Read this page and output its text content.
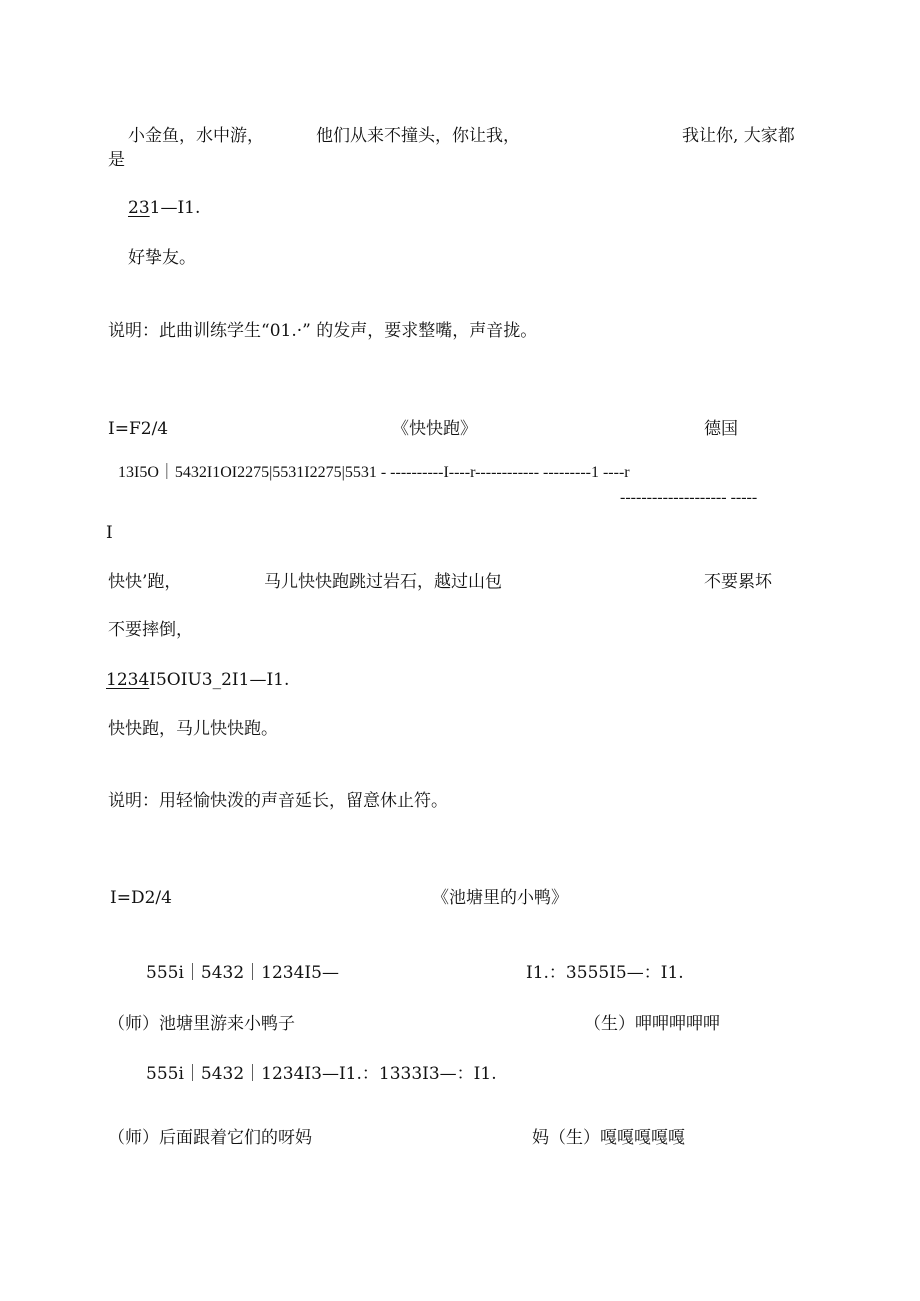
小金鱼，水中游，	他们从来不撞头，你让我，	我让你, 大家都
是
231—I1.
好挚友。
说明：此曲训练学生“01.·” 的发声，要求整嘴，声音拢。
I=F2/4	《快快跑》	德国
13I5O｜5432I1OI2275|5531I2275|5531 - ----------I----r------------ ---------1 ----r
-------------------- -----
I
快快’跑，	马儿快快跑跳过岩石，越过山包	不要累坏
不要摔倒，
1234I5OIU3_2I1—I1.
快快跑，马儿快快跑。
说明：用轻愉快泼的声音延长，留意休止符。
I=D2/4	《池塘里的小鸭》
555i｜5432｜1234I5—	I1.：3555I5—：I1.
（师）池塘里游来小鸭子	（生）呷呷呷呷呷
555i｜5432｜1234I3—I1.：1333I3—：I1.
（师）后面跟着它们的呀妈	妈（生）嘎嘎嘎嘎嘎
